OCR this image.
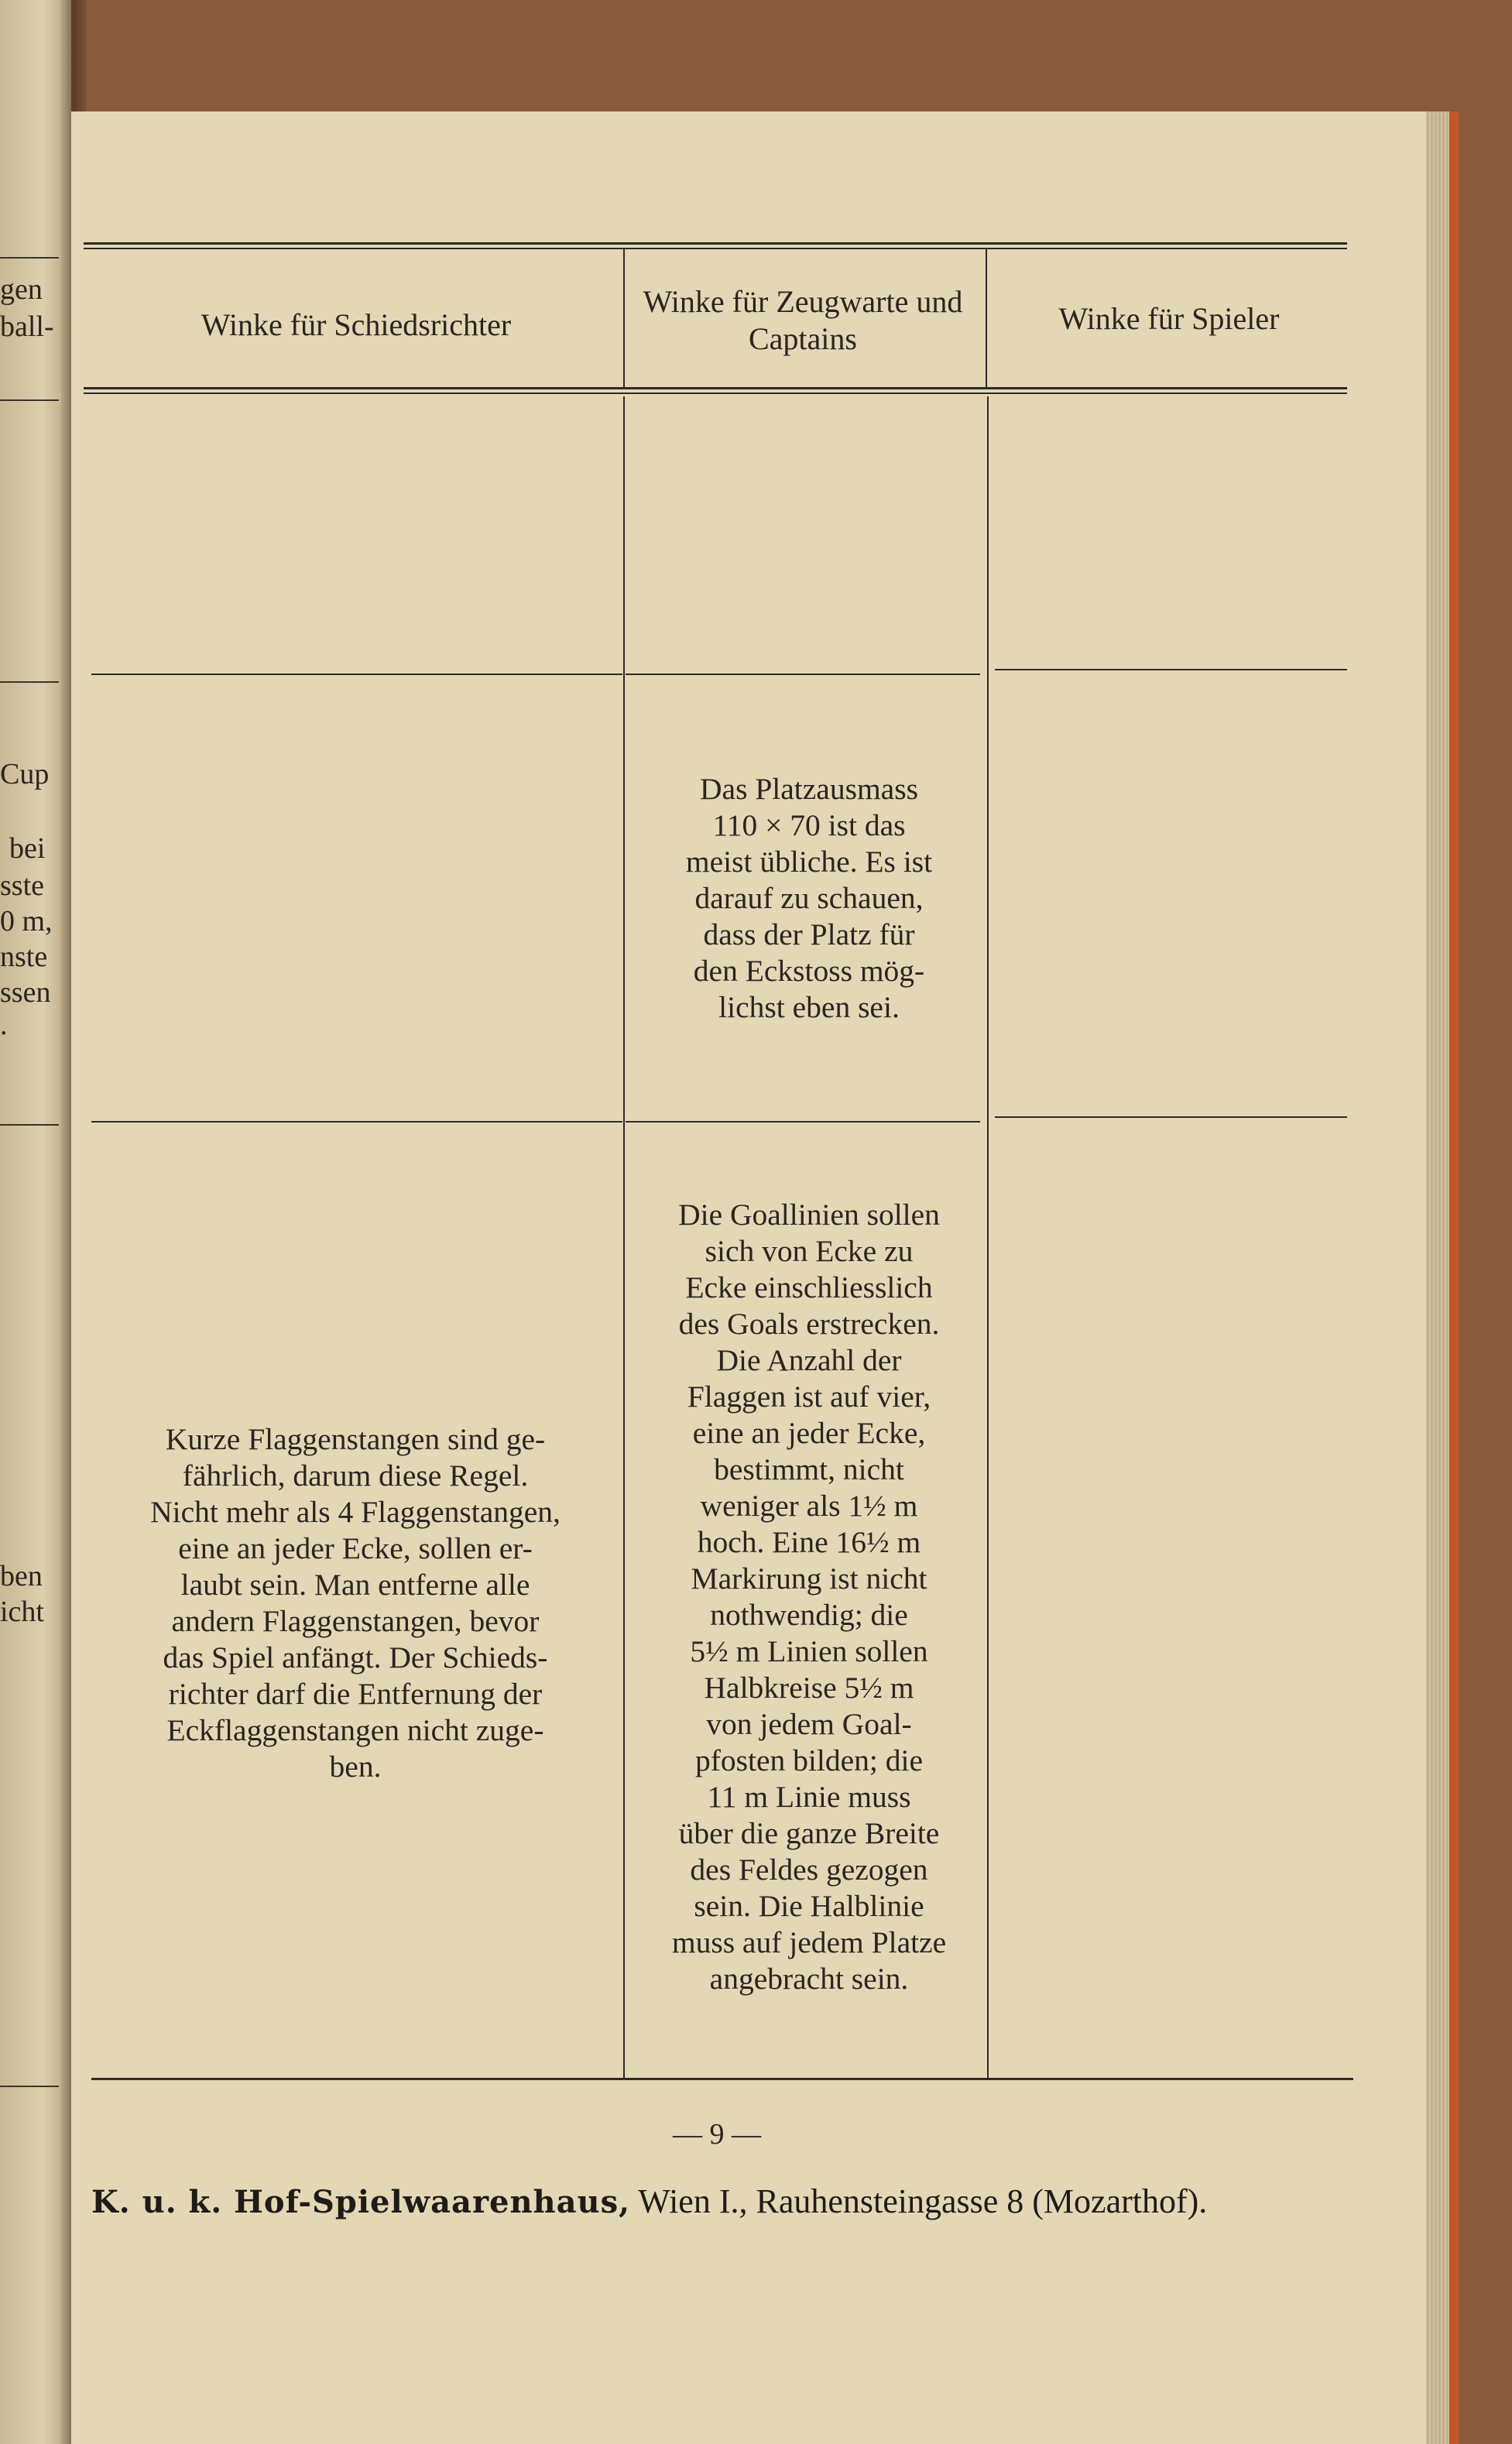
gen
ball-
Cup
bei
sste
0 m,
nste
ssen
.
ben
icht
Winke für Schiedsrichter
Winke für Zeugwarte und Captains
Winke für Spieler
Das Platzausmass
110 × 70 ist das
meist übliche. Es ist
darauf zu schauen,
dass der Platz für
den Eckstoss mög-
lichst eben sei.
Kurze Flaggenstangen sind ge-
fährlich, darum diese Regel.
Nicht mehr als 4 Flaggenstangen,
eine an jeder Ecke, sollen er-
laubt sein. Man entferne alle
andern Flaggenstangen, bevor
das Spiel anfängt. Der Schieds-
richter darf die Entfernung der
Eckflaggenstangen nicht zuge-
ben.
Die Goallinien sollen
sich von Ecke zu
Ecke einschliesslich
des Goals erstrecken.
Die Anzahl der
Flaggen ist auf vier,
eine an jeder Ecke,
bestimmt, nicht
weniger als 1½ m
hoch. Eine 16½ m
Markirung ist nicht
nothwendig; die
5½ m Linien sollen
Halbkreise 5½ m
von jedem Goal-
pfosten bilden; die
11 m Linie muss
über die ganze Breite
des Feldes gezogen
sein. Die Halblinie
muss auf jedem Platze
angebracht sein.
— 9 —
K. u. k. Hof-Spielwaarenhaus, Wien I., Rauhensteingasse 8 (Mozarthof).
